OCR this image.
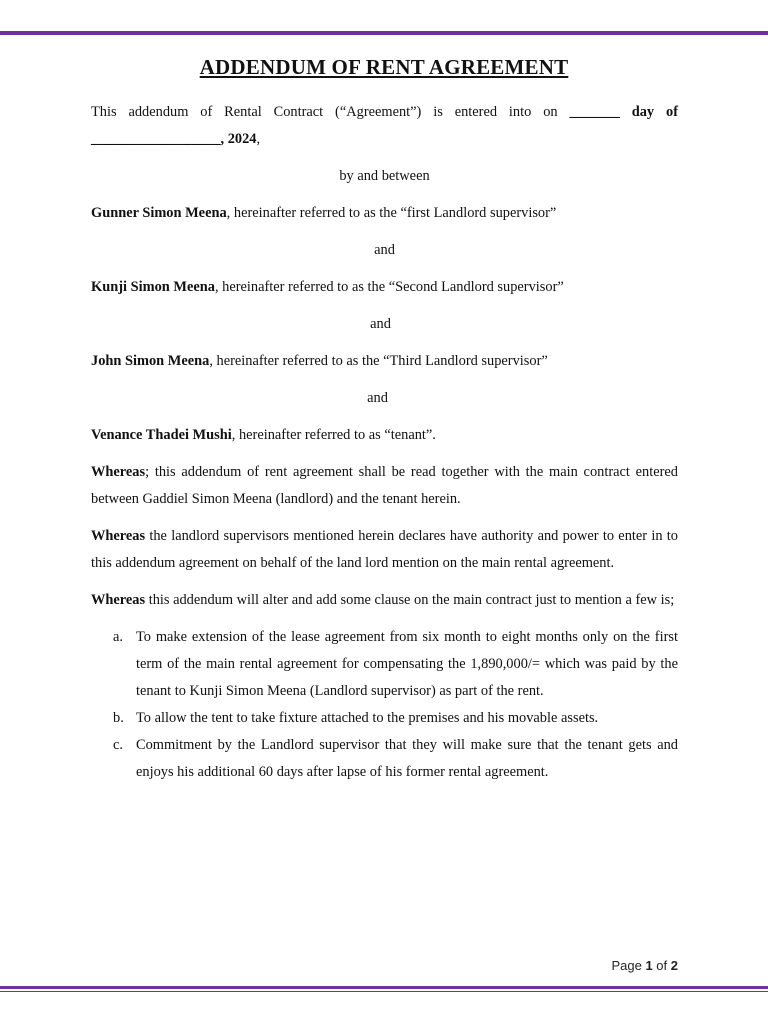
ADDENDUM OF RENT AGREEMENT

This addendum of Rental Contract (“Agreement”) is entered into on _______ day of

__________________, 2024,

by and between

Gunner Simon Meena, hereinafter referred to as the “first Landlord supervisor”

and

Kunji Simon Meena, hereinafter referred to as the “Second Landlord supervisor”

and

John Simon Meena, hereinafter referred to as the “Third Landlord supervisor”

and

Venance Thadei Mushi, hereinafter referred to as “tenant”.

Whereas; this addendum of rent agreement shall be read together with the main contract entered between Gaddiel Simon Meena (landlord) and the tenant herein.

Whereas the landlord supervisors mentioned herein declares have authority and power to enter in to this addendum agreement on behalf of the land lord mention on the main rental agreement.

Whereas this addendum will alter and add some clause on the main contract just to mention a few is;

a. To make extension of the lease agreement from six month to eight months only on the first term of the main rental agreement for compensating the 1,890,000/= which was paid by the tenant to Kunji Simon Meena (Landlord supervisor) as part of the rent.
b. To allow the tent to take fixture attached to the premises and his movable assets.
c. Commitment by the Landlord supervisor that they will make sure that the tenant gets and enjoys his additional 60 days after lapse of his former rental agreement.
Page 1 of 2
